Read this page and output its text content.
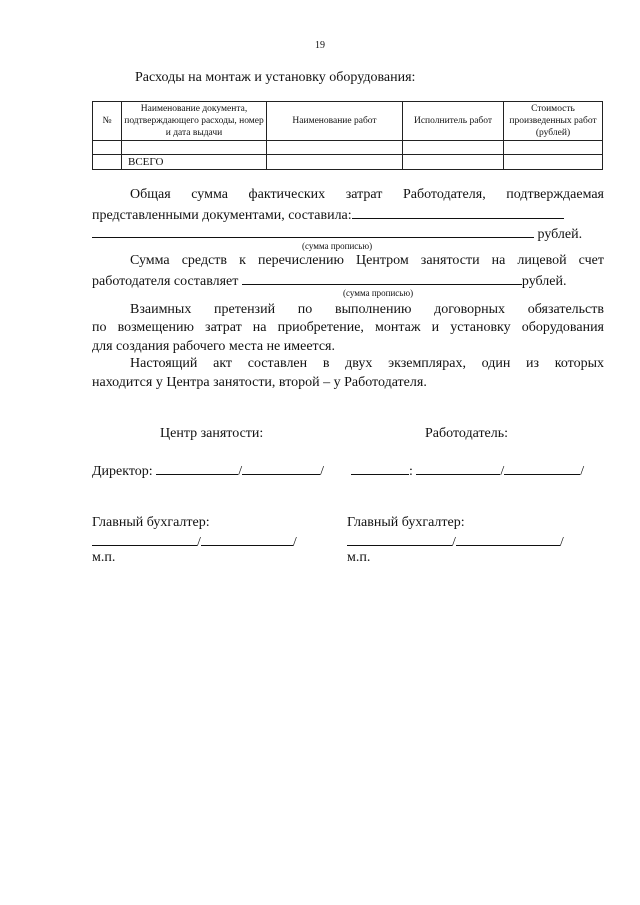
19
Расходы на монтаж и установку оборудования:
№	Наименование документа, подтверждающего расходы, номер и дата выдачи	Наименование работ	Исполнитель работ	Стоимость произведенных работ (рублей)

	ВСЕГО			
Общая сумма фактических затрат Работодателя, подтверждаемая
представленными документами, составила:
рублей.
(сумма прописью)
Сумма средств к перечислению Центром занятости на лицевой счет
работодателя составляет	рублей.
(сумма прописью)
Взаимных претензий по выполнению договорных обязательств
по возмещению затрат на приобретение, монтаж и установку оборудования
для создания рабочего места не имеется.
Настоящий акт составлен в двух экземплярах, один из которых
находится у Центра занятости, второй – у Работодателя.
Центр занятости:	Работодатель:
Директор:	/	/	:	/	/
Главный бухгалтер:	Главный бухгалтер:
/	/	/	/
м.п.	м.п.
